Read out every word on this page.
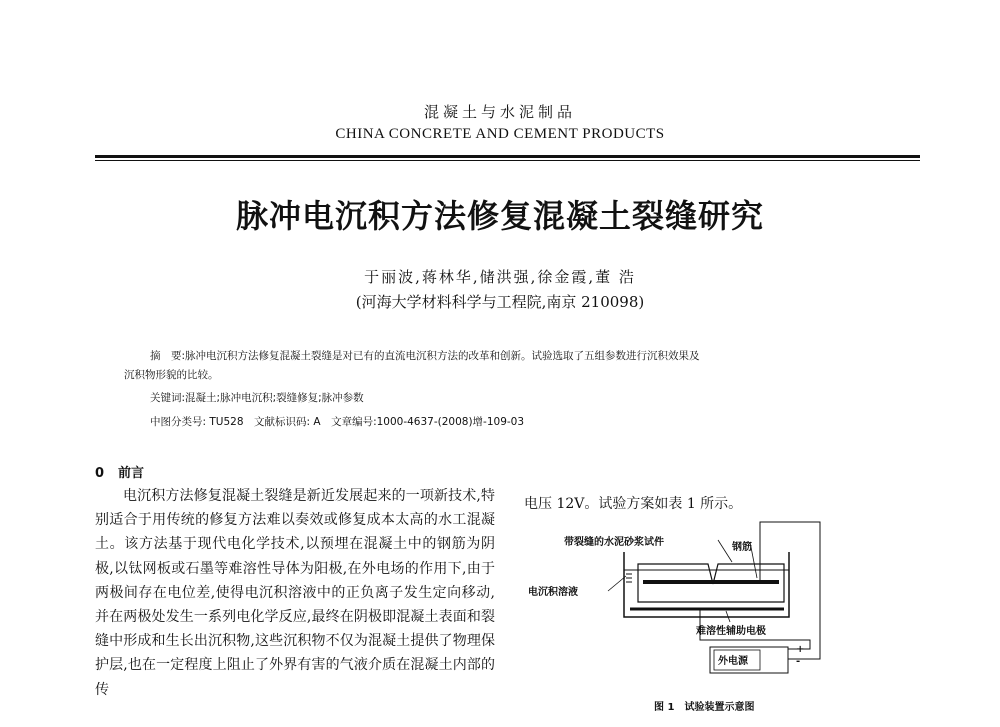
混凝土与水泥制品
CHINA CONCRETE AND CEMENT PRODUCTS
脉冲电沉积方法修复混凝土裂缝研究
于丽波,蒋林华,储洪强,徐金霞,董 浩
(河海大学材料科学与工程院,南京 210098)
摘　要:脉冲电沉积方法修复混凝土裂缝是对已有的直流电沉积方法的改革和创新。试验选取了五组参数进行沉积效果及
沉积物形貌的比较。
关键词:混凝土;脉冲电沉积;裂缝修复;脉冲参数
中图分类号: TU528　文献标识码: A　文章编号:1000-4637-(2008)增-109-03
0 前言

电沉积方法修复混凝土裂缝是新近发展起来的一项新技术,特别适合于用传统的修复方法难以奏效或修复成本太高的水工混凝土。该方法基于现代电化学技术,以预埋在混凝土中的钢筋为阴极,以钛网板或石墨等难溶性导体为阳极,在外电场的作用下,由于两极间存在电位差,使得电沉积溶液中的正负离子发生定向移动,并在两极处发生一系列电化学反应,最终在阴极即混凝土表面和裂缝中形成和生长出沉积物,这些沉积物不仅为混凝土提供了物理保护层,也在一定程度上阻止了外界有害的气液介质在混凝土内部的传

电压 12V。试验方案如表 1 所示。
外电源
+
-
带裂缝的水泥砂浆试件	钢筋
电沉积溶液
难溶性辅助电极
图 1 试验装置示意图
